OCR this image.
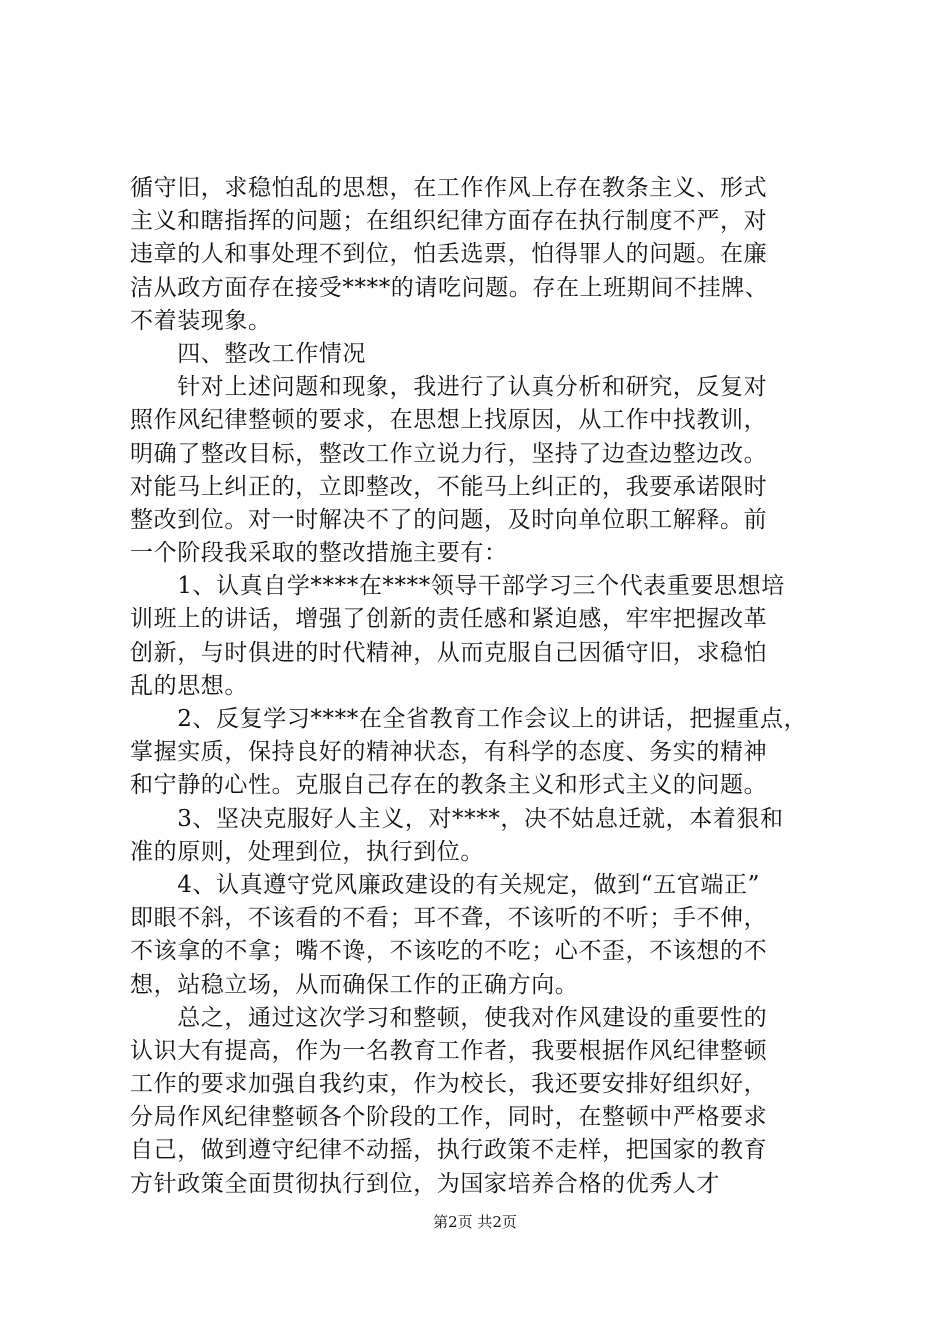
循守旧，求稳怕乱的思想，在工作作风上存在教条主义、形式
主义和瞎指挥的问题；在组织纪律方面存在执行制度不严，对
违章的人和事处理不到位，怕丢选票，怕得罪人的问题。在廉
洁从政方面存在接受****的请吃问题。存在上班期间不挂牌、
不着装现象。
　　四、整改工作情况
　　针对上述问题和现象，我进行了认真分析和研究，反复对
照作风纪律整顿的要求，在思想上找原因，从工作中找教训，
明确了整改目标，整改工作立说力行，坚持了边查边整边改。
对能马上纠正的，立即整改，不能马上纠正的，我要承诺限时
整改到位。对一时解决不了的问题，及时向单位职工解释。前
一个阶段我采取的整改措施主要有：
　　1、认真自学****在****领导干部学习三个代表重要思想培
训班上的讲话，增强了创新的责任感和紧迫感，牢牢把握改革
创新，与时俱进的时代精神，从而克服自己因循守旧，求稳怕
乱的思想。
　　2、反复学习****在全省教育工作会议上的讲话，把握重点，
掌握实质，保持良好的精神状态，有科学的态度、务实的精神
和宁静的心性。克服自己存在的教条主义和形式主义的问题。
　　3、坚决克服好人主义，对****，决不姑息迁就，本着狠和
准的原则，处理到位，执行到位。
　　4、认真遵守党风廉政建设的有关规定，做到“五官端正”
即眼不斜，不该看的不看；耳不聋，不该听的不听；手不伸，
不该拿的不拿；嘴不谗，不该吃的不吃；心不歪，不该想的不
想，站稳立场，从而确保工作的正确方向。
　　总之，通过这次学习和整顿，使我对作风建设的重要性的
认识大有提高，作为一名教育工作者，我要根据作风纪律整顿
工作的要求加强自我约束，作为校长，我还要安排好组织好，
分局作风纪律整顿各个阶段的工作，同时，在整顿中严格要求
自己，做到遵守纪律不动摇，执行政策不走样，把国家的教育
方针政策全面贯彻执行到位，为国家培养合格的优秀人才
第2页 共2页
